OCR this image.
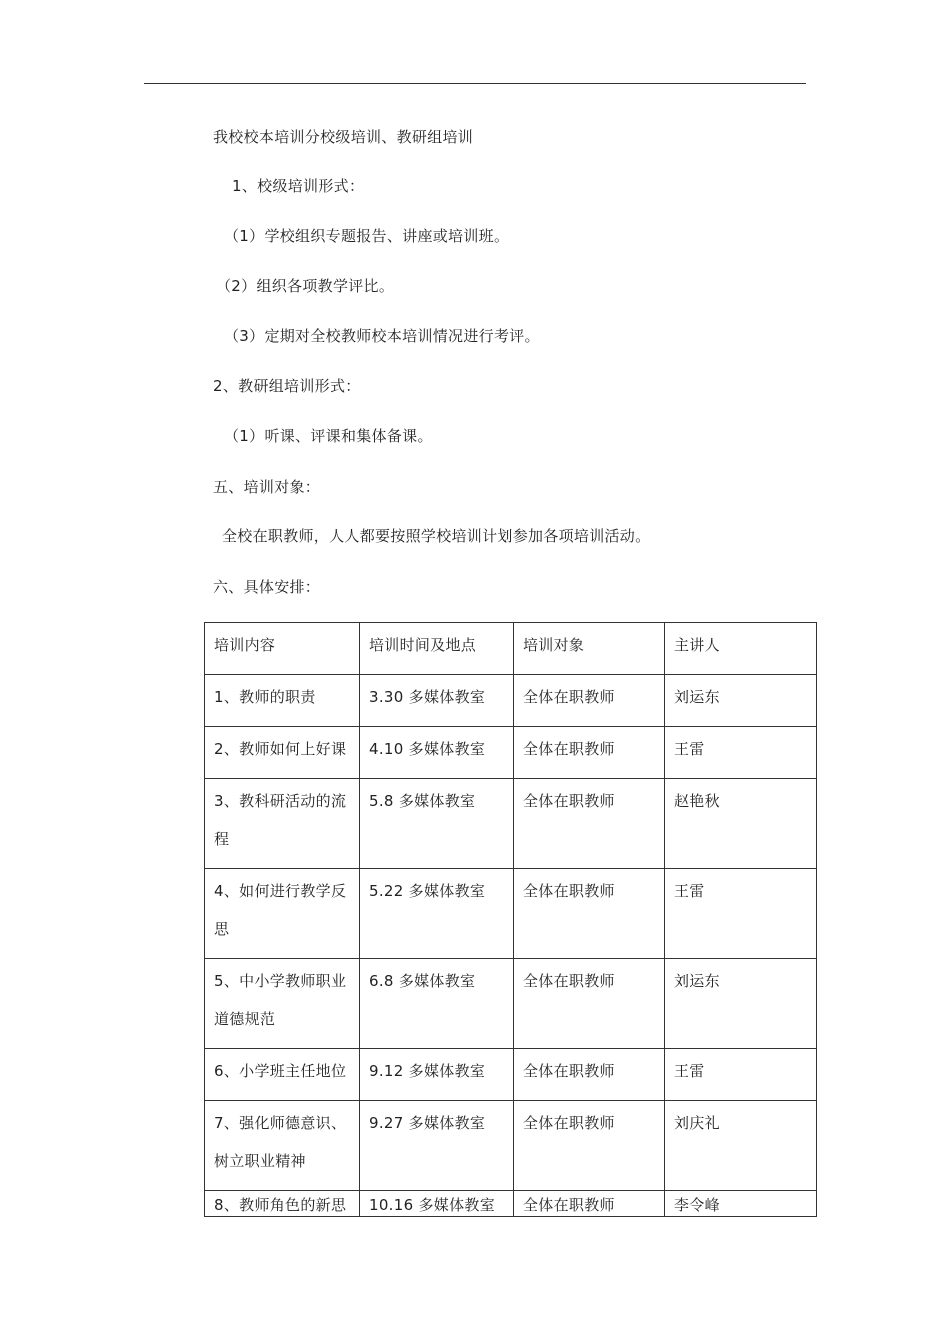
我校校本培训分校级培训、教研组培训
1、校级培训形式：
（1）学校组织专题报告、讲座或培训班。
（2）组织各项教学评比。
（3）定期对全校教师校本培训情况进行考评。
2、教研组培训形式：
（1）听课、评课和集体备课。
五、培训对象：
全校在职教师，人人都要按照学校培训计划参加各项培训活动。
六、具体安排：
培训内容	培训时间及地点	培训对象	主讲人
1、教师的职责	3.30 多媒体教室	全体在职教师	刘运东
2、教师如何上好课	4.10 多媒体教室	全体在职教师	王雷
3、教科研活动的流程	5.8 多媒体教室	全体在职教师	赵艳秋
4、如何进行教学反思	5.22 多媒体教室	全体在职教师	王雷
5、中小学教师职业道德规范	6.8 多媒体教室	全体在职教师	刘运东
6、小学班主任地位	9.12 多媒体教室	全体在职教师	王雷
7、强化师德意识、树立职业精神	9.27 多媒体教室	全体在职教师	刘庆礼
8、教师角色的新思	10.16 多媒体教室	全体在职教师	李令峰
